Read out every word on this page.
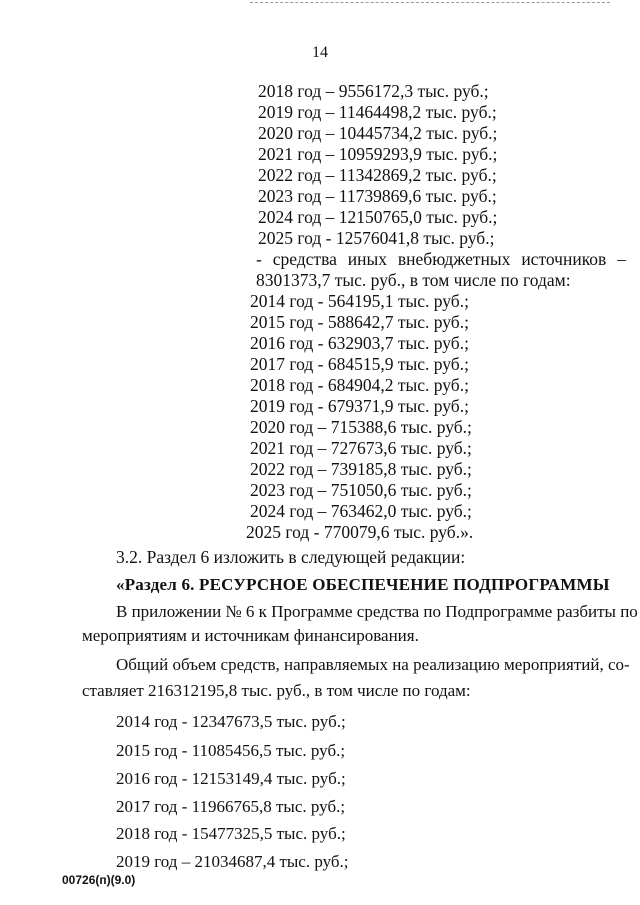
14
2018 год – 9556172,3 тыс. руб.;
2019 год – 11464498,2 тыс. руб.;
2020 год – 10445734,2 тыс. руб.;
2021 год – 10959293,9 тыс. руб.;
2022 год – 11342869,2 тыс. руб.;
2023 год – 11739869,6 тыс. руб.;
2024 год – 12150765,0 тыс. руб.;
2025 год - 12576041,8 тыс. руб.;
- средства иных внебюджетных источников –
8301373,7 тыс. руб., в том числе по годам:
2014 год - 564195,1 тыс. руб.;
2015 год - 588642,7 тыс. руб.;
2016 год - 632903,7 тыс. руб.;
2017 год - 684515,9 тыс. руб.;
2018 год - 684904,2 тыс. руб.;
2019 год - 679371,9 тыс. руб.;
2020 год – 715388,6 тыс. руб.;
2021 год – 727673,6 тыс. руб.;
2022 год – 739185,8 тыс. руб.;
2023 год – 751050,6 тыс. руб.;
2024 год – 763462,0 тыс. руб.;
2025 год - 770079,6 тыс. руб.».
3.2. Раздел 6 изложить в следующей редакции:
«Раздел 6. РЕСУРСНОЕ ОБЕСПЕЧЕНИЕ ПОДПРОГРАММЫ
В приложении № 6 к Программе средства по Подпрограмме разбиты по
мероприятиям и источникам финансирования.
Общий объем средств, направляемых на реализацию мероприятий, со-
ставляет 216312195,8 тыс. руб., в том числе по годам:
2014 год - 12347673,5 тыс. руб.;
2015 год - 11085456,5 тыс. руб.;
2016 год - 12153149,4 тыс. руб.;
2017 год - 11966765,8 тыс. руб.;
2018 год - 15477325,5 тыс. руб.;
2019 год – 21034687,4 тыс. руб.;
00726(п)(9.0)
